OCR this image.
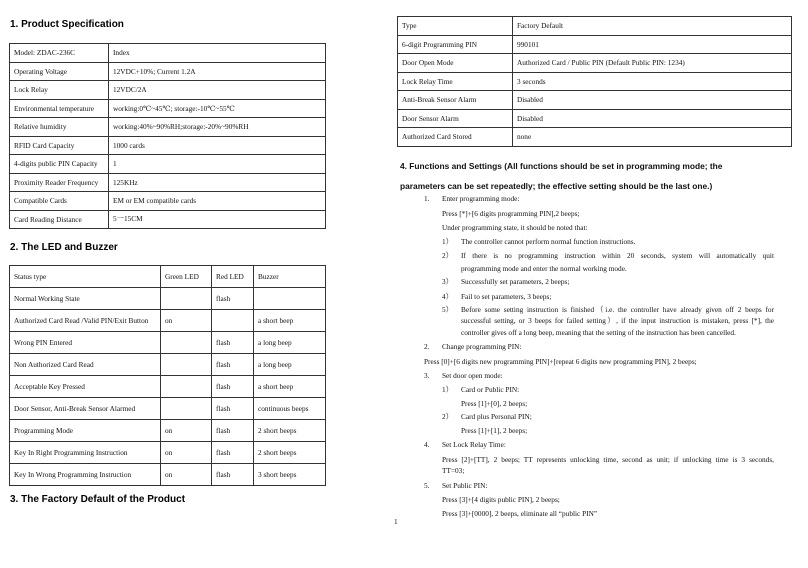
1. Product Specification
2. The LED and Buzzer
3. The Factory Default of the Product
Model: ZDAC-236C	Index
Operating Voltage	12VDC+10%; Current 1.2A
Lock Relay	12VDC/2A
Environmental temperature	working:0℃~45℃; storage:-10℃~55℃
Relative humidity	working:40%~90%RH;storage:-20%~90%RH
RFID Card Capacity	1000 cards
4-digits public PIN Capacity	1
Proximity Reader Frequency	125KHz
Compatible Cards	EM or EM compatible cards
Card Reading Distance	5一15CM
Status type	Green LED	Red LED	Buzzer
Normal Working State		flash	
Authorized Card Read /Valid PIN/Exit Button	on		a short beep
Wrong PIN Entered		flash	a long beep
Non Authorized Card Read		flash	a long beep
Acceptable Key Pressed		flash	a short beep
Door Sensor, Anti-Break Sensor Alarmed		flash	continuous beeps
Programming Mode	on	flash	2 short beeps
Key In Right Programming Instruction	on	flash	2 short beeps
Key In Wrong Programming Instruction	on	flash	3 short beeps
Type	Factory Default
6-digit Programming PIN	990101
Door Open Mode	Authorized Card / Public PIN (Default Public PIN: 1234)
Lock Relay Time	3 seconds
Anti-Break Sensor Alarm	Disabled
Door Sensor Alarm	Disabled
Authorized Card Stored	none
4. Functions and Settings (All functions should be set in programming mode; the
parameters can be set repeatedly; the effective setting should be the last one.)
1. Enter programming mode:
Press [*]+[6 digits programming PIN],2 beeps;
Under programming state, it should be noted that:
1） The controller cannot perform normal function instructions.
2） If there is no programming instruction within 20 seconds, system will automatically quit
programming mode and enter the normal working mode.
3） Successfully set parameters, 2 beeps;
4） Fail to set parameters, 3 beeps;
5） Before some setting instruction is finished（i.e. the controller have already given off 2 beeps for
successful setting, or 3 beeps for failed setting）, if the input instruction is mistaken, press [*], the
controller gives off a long beep, meaning that the setting of the instruction has been cancelled.
2. Change programming PIN:
Press [0]+[6 digits new programming PIN]+[repeat 6 digits new programming PIN], 2 beeps;
3. Set door open mode:
1） Card or Public PIN:
Press [1]+[0], 2 beeps;
2） Card plus Personal PIN;
Press [1]+[1], 2 beeps;
4. Set Lock Relay Time:
Press [2]+[TT], 2 beeps; TT represents unlocking time, second as unit; if unlocking time is 3 seconds,
TT=03;
5. Set Public PIN:
Press [3]+[4 digits public PIN], 2 beeps;
Press [3]+[0000], 2 beeps, eliminate all “public PIN”
1
